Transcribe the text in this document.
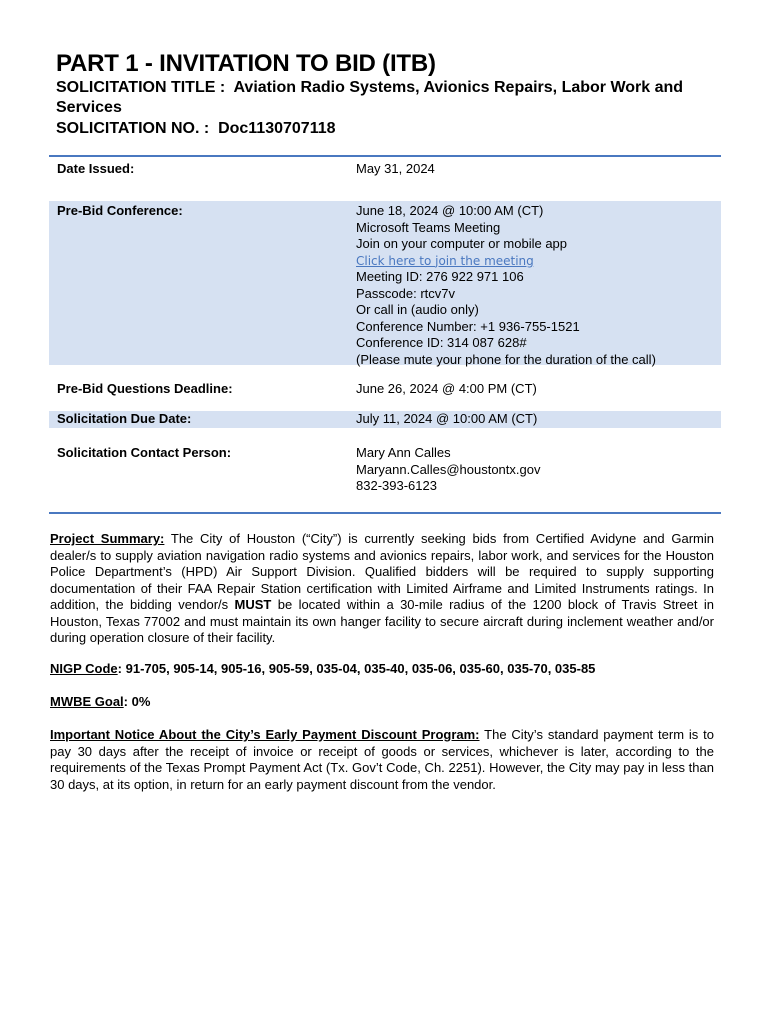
PART 1 - INVITATION TO BID (ITB)

SOLICITATION TITLE : Aviation Radio Systems, Avionics Repairs, Labor Work and Services

SOLICITATION NO. : Doc1130707118

Date Issued:	May 31, 2024
Pre-Bid Conference:	June 18, 2024 @ 10:00 AM (CT)
Microsoft Teams Meeting
Join on your computer or mobile app
Click here to join the meeting
Meeting ID: 276 922 971 106
Passcode: rtcv7v
Or call in (audio only)
Conference Number: +1 936-755-1521
Conference ID: 314 087 628#
(Please mute your phone for the duration of the call)
Pre-Bid Questions Deadline:	June 26, 2024 @ 4:00 PM (CT)
Solicitation Due Date:	July 11, 2024 @ 10:00 AM (CT)
Solicitation Contact Person:	Mary Ann Calles
Maryann.Calles@houstontx.gov
832-393-6123

Project Summary: The City of Houston (“City”) is currently seeking bids from Certified Avidyne and Garmin dealer/s to supply aviation navigation radio systems and avionics repairs, labor work, and services for the Houston Police Department’s (HPD) Air Support Division. Qualified bidders will be required to supply supporting documentation of their FAA Repair Station certification with Limited Airframe and Limited Instruments ratings. In addition, the bidding vendor/s MUST be located within a 30-mile radius of the 1200 block of Travis Street in Houston, Texas 77002 and must maintain its own hanger facility to secure aircraft during inclement weather and/or during operation closure of their facility.

NIGP Code: 91-705, 905-14, 905-16, 905-59, 035-04, 035-40, 035-06, 035-60, 035-70, 035-85

MWBE Goal: 0%

Important Notice About the City’s Early Payment Discount Program: The City’s standard payment term is to pay 30 days after the receipt of invoice or receipt of goods or services, whichever is later, according to the requirements of the Texas Prompt Payment Act (Tx. Gov’t Code, Ch. 2251). However, the City may pay in less than 30 days, at its option, in return for an early payment discount from the vendor.
